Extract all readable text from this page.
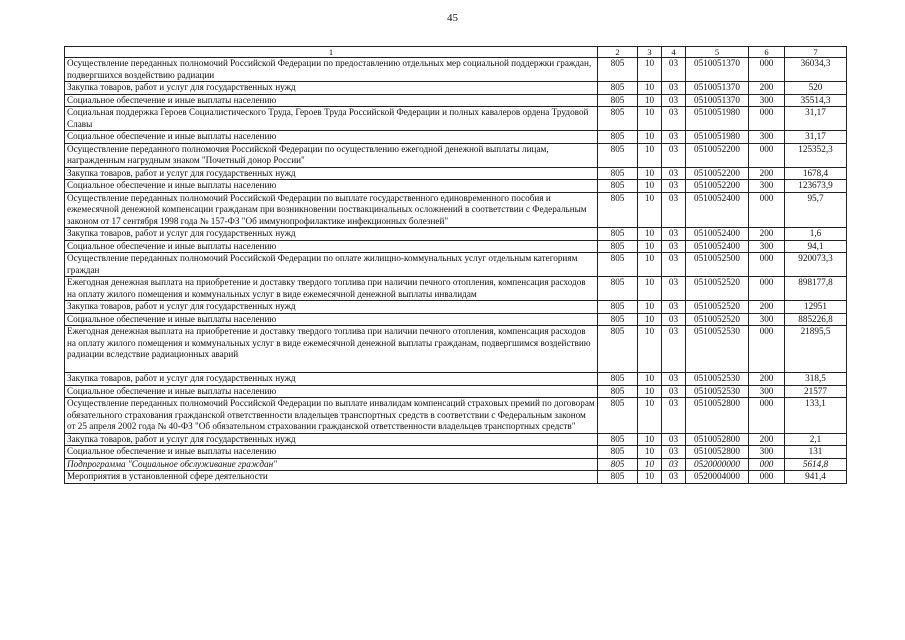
45
1	2	3	4	5	6	7
Осуществление переданных полномочий Российской Федерации по предоставлению отдельных мер социальной поддержки граждан, подвергшихся воздействию радиации	805	10	03	0510051370	000	36034,3
Закупка товаров, работ и услуг для государственных нужд	805	10	03	0510051370	200	520
Социальное обеспечение и иные выплаты населению	805	10	03	0510051370	300	35514,3
Социальная поддержка Героев Социалистического Труда, Героев Труда Российской Федерации и полных кавалеров ордена Трудовой Славы	805	10	03	0510051980	000	31,17
Социальное обеспечение и иные выплаты населению	805	10	03	0510051980	300	31,17
Осуществление переданного полномочия Российской Федерации по осуществлению ежегодной денежной выплаты лицам, награжденным нагрудным знаком "Почетный донор России"	805	10	03	0510052200	000	125352,3
Закупка товаров, работ и услуг для государственных нужд	805	10	03	0510052200	200	1678,4
Социальное обеспечение и иные выплаты населению	805	10	03	0510052200	300	123673,9
Осуществление переданных полномочий Российской Федерации по выплате государственного единовременного пособия и ежемесячной денежной компенсации гражданам при возникновении поствакцинальных осложнений в соответствии с Федеральным законом от 17 сентября 1998 года № 157-ФЗ "Об иммунопрофилактике инфекционных болезней"	805	10	03	0510052400	000	95,7
Закупка товаров, работ и услуг для государственных нужд	805	10	03	0510052400	200	1,6
Социальное обеспечение и иные выплаты населению	805	10	03	0510052400	300	94,1
Осуществление переданных полномочий Российской Федерации по оплате жилищно-коммунальных услуг отдельным категориям граждан	805	10	03	0510052500	000	920073,3
Ежегодная денежная выплата на приобретение и доставку твердого топлива при наличии печного отопления, компенсация расходов на оплату жилого помещения и коммунальных услуг в виде ежемесячной денежной выплаты инвалидам	805	10	03	0510052520	000	898177,8
Закупка товаров, работ и услуг для государственных нужд	805	10	03	0510052520	200	12951
Социальное обеспечение и иные выплаты населению	805	10	03	0510052520	300	885226,8
Ежегодная денежная выплата на приобретение и доставку твердого топлива при наличии печного отопления, компенсация расходов на оплату жилого помещения и коммунальных услуг в виде ежемесячной денежной выплаты гражданам, подвергшимся воздействию радиации вследствие радиационных аварий	805	10	03	0510052530	000	21895,5
Закупка товаров, работ и услуг для государственных нужд	805	10	03	0510052530	200	318,5
Социальное обеспечение и иные выплаты населению	805	10	03	0510052530	300	21577
Осуществление переданных полномочий Российской Федерации по выплате инвалидам компенсаций страховых премий по договорам обязательного страхования гражданской ответственности владельцев транспортных средств в соответствии с Федеральным законом от 25 апреля 2002 года № 40-ФЗ "Об обязательном страховании гражданской ответственности владельцев транспортных средств"	805	10	03	0510052800	000	133,1
Закупка товаров, работ и услуг для государственных нужд	805	10	03	0510052800	200	2,1
Социальное обеспечение и иные выплаты населению	805	10	03	0510052800	300	131
Подпрограмма "Социальное обслуживание граждан"	805	10	03	0520000000	000	5614,8
Мероприятия в установленной сфере деятельности	805	10	03	0520004000	000	941,4
